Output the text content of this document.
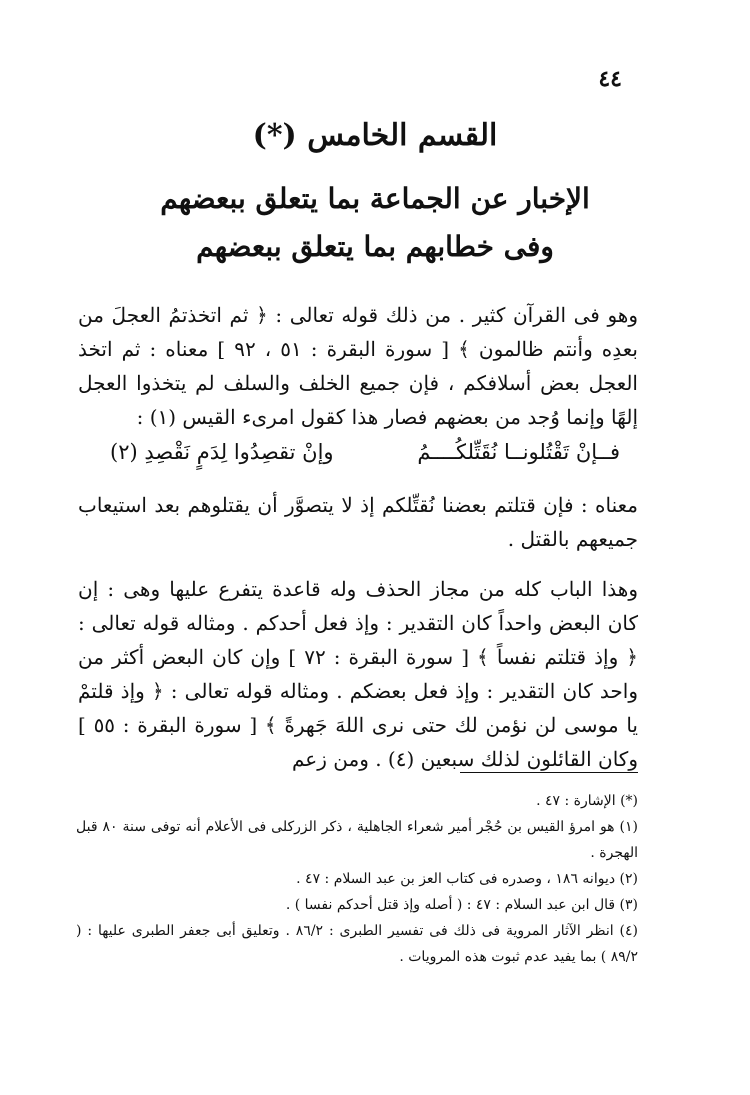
٤٤
القسم الخامس (*)
الإخبار عن الجماعة بما يتعلق ببعضهم
وفى خطابهم بما يتعلق ببعضهم
وهو فى القرآن كثير . من ذلك قوله تعالى : ﴿ ثم اتخذتمُ العجلَ من بعدِه وأنتم ظالمون ﴾ [ سورة البقرة : ٥١ ، ٩٢ ] معناه : ثم اتخذ العجل بعض أسلافكم ، فإن جميع الخلف والسلف لم يتخذوا العجل إلهًا وإنما وُجد من بعضهم فصار هذا كقول امرىء القيس (١) :
فــإنْ تَقْتُلونــا نُقَتِّلكُــــمُ
وإنْ تقصِدُوا لِدَمٍ نَقْصِدِ (٢)
معناه : فإن قتلتم بعضنا نُقتِّلكم إذ لا يتصوَّر أن يقتلوهم بعد استيعاب جميعهم بالقتل .
وهذا الباب كله من مجاز الحذف وله قاعدة يتفرع عليها وهى : إن كان البعض واحداً كان التقدير : وإذ فعل أحدكم . ومثاله قوله تعالى : ﴿ وإذ قتلتم نفساً ﴾ [ سورة البقرة : ٧٢ ] وإن كان البعض أكثر من واحد كان التقدير : وإذ فعل بعضكم . ومثاله قوله تعالى : ﴿ وإذ قلتمْ يا موسى لن نؤمن لك حتى نرى اللهَ جَهرةً ﴾ [ سورة البقرة : ٥٥ ] وكان القائلون لذلك سبعين (٤) . ومن زعم

(*) الإشارة : ٤٧ .

(١) هو امرؤ القيس بن حُجْر أمير شعراء الجاهلية ، ذكر الزركلى فى الأعلام أنه توفى سنة ٨٠ قبل الهجرة .

(٢) ديوانه ١٨٦ ، وصدره فى كتاب العز بن عبد السلام : ٤٧ .

(٣) قال ابن عبد السلام : ٤٧ : ( أصله وإذ قتل أحدكم نفسا ) .

(٤) انظر الآثار المروية فى ذلك فى تفسير الطبرى : ٨٦/٢ . وتعليق أبى جعفر الطبرى عليها : ( ٨٩/٢ ) بما يفيد عدم ثبوت هذه المرويات .
